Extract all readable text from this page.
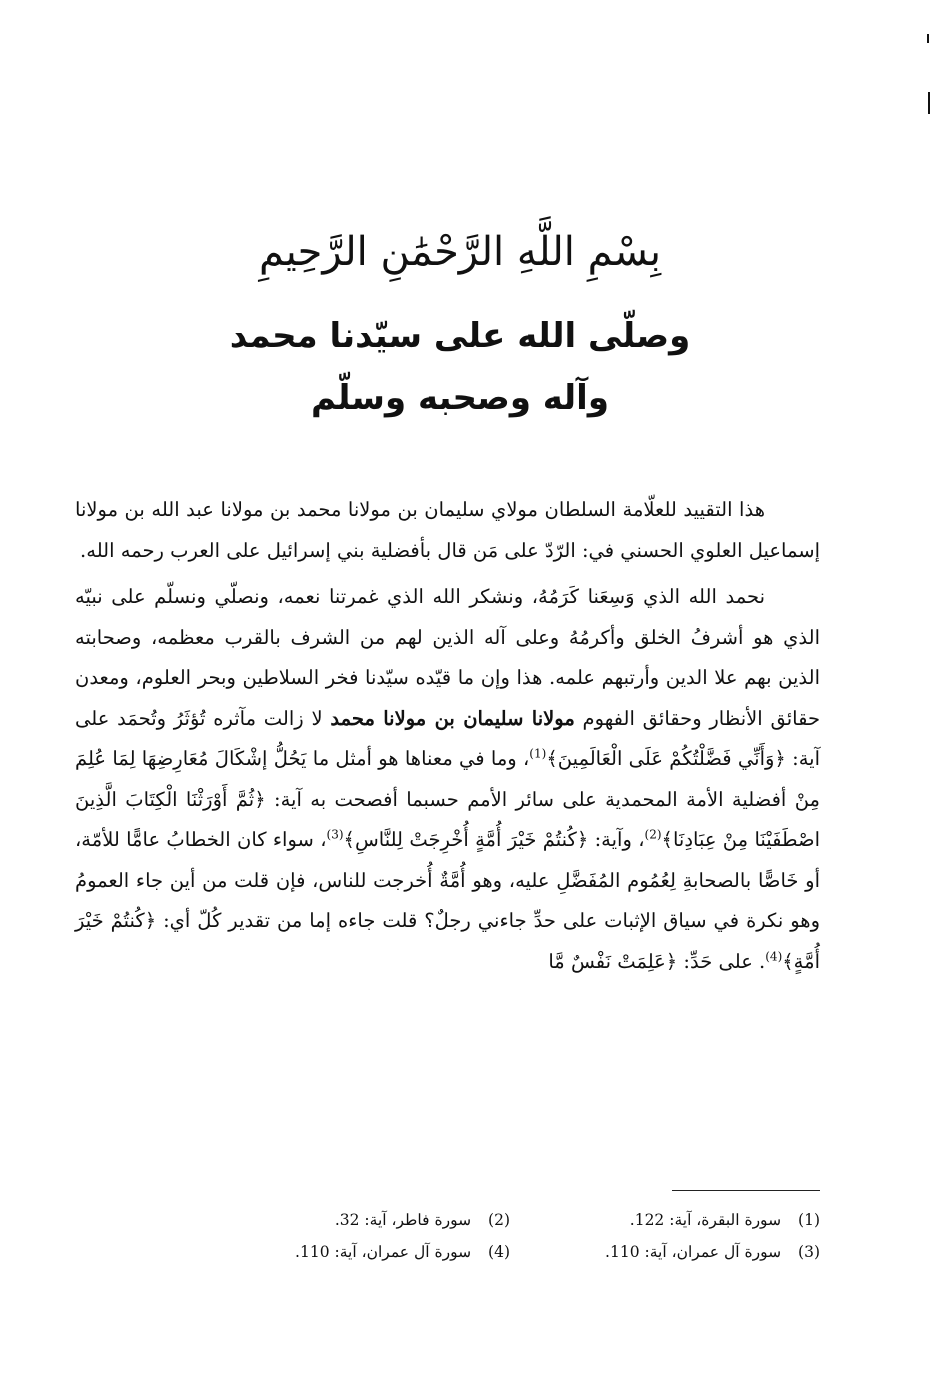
بِسْمِ اللَّهِ الرَّحْمَٰنِ الرَّحِيمِ
وصلّى الله على سيّدنا محمد
وآله وصحبه وسلّم

هذا التقييد للعلّامة السلطان مولاي سليمان بن مولانا محمد بن مولانا عبد الله بن مولانا إسماعيل العلوي الحسني في: الرّدّ على مَن قال بأفضلية بني إسرائيل على العرب رحمه الله.

نحمد الله الذي وَسِعَنا كَرَمُهُ، ونشكر الله الذي غمرتنا نعمه، ونصلّي ونسلّم على نبيّه الذي هو أشرفُ الخلق وأكرمُهُ وعلى آله الذين لهم من الشرف بالقرب معظمه، وصحابته الذين بهم علا الدين وأرتبهم علمه. هذا وإن ما قيّده سيّدنا فخر السلاطين وبحر العلوم، ومعدن حقائق الأنظار وحقائق الفهوم مولانا سليمان بن مولانا محمد لا زالت مآثره تُؤثَرُ وتُحمَد على آية: ﴿وَأَنِّي فَضَّلْتُكُمْ عَلَى الْعَالَمِينَ﴾$^{(1)}$، وما في معناها هو أمثل ما يَحُلُّ إشْكَالَ مُعَارِضِهَا لِمَا عُلِمَ مِنْ أفضلية الأمة المحمدية على سائر الأمم حسبما أفصحت به آية: ﴿ثُمَّ أَوْرَثْنَا الْكِتَابَ الَّذِينَ اصْطَفَيْنَا مِنْ عِبَادِنَا﴾$^{(2)}$، وآية: ﴿كُنتُمْ خَيْرَ أُمَّةٍ أُخْرِجَتْ لِلنَّاسِ﴾$^{(3)}$، سواء كان الخطابُ عامًّا للأمّة، أو خَاصًّا بالصحابةِ لِعُمُوم المُفَضَّلِ عليه، وهو أُمَّةٌ أُخرجت للناس، فإن قلت من أين جاء العمومُ وهو نكرة في سياق الإثبات على حدِّ جاءني رجلٌ؟ قلت جاءه إما من تقدير كُلّ أي: ﴿كُنتُمْ خَيْرَ أُمَّةٍ﴾$^{(4)}$. على حَدِّ: ﴿عَلِمَتْ نَفْسٌ مَّا

(1) سورة البقرة، آية: 122.
(2) سورة فاطر، آية: 32.
(3) سورة آل عمران، آية: 110.
(4) سورة آل عمران، آية: 110.
